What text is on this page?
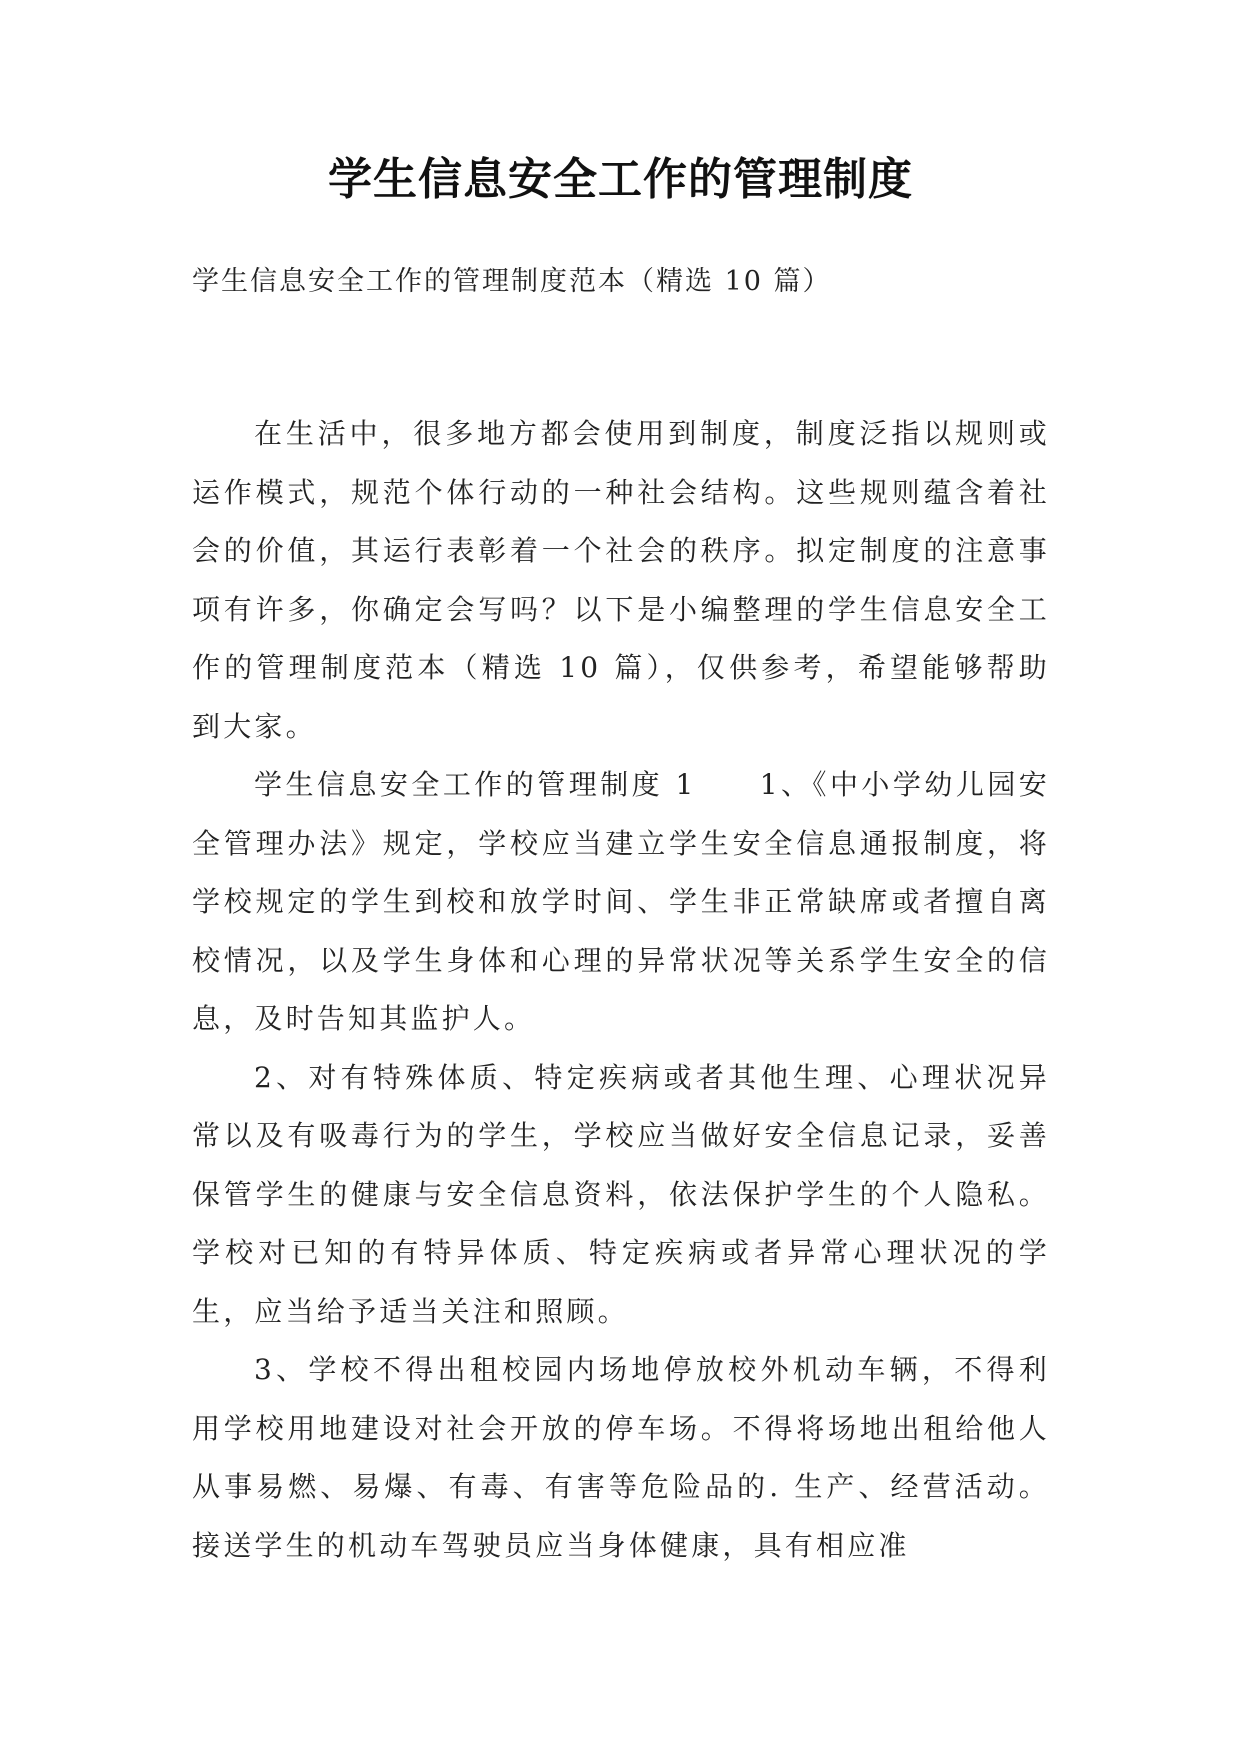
学生信息安全工作的管理制度

学生信息安全工作的管理制度范本（精选 10 篇）

在生活中，很多地方都会使用到制度，制度泛指以规则或运作模式，规范个体行动的一种社会结构。这些规则蕴含着社会的价值，其运行表彰着一个社会的秩序。拟定制度的注意事项有许多，你确定会写吗？以下是小编整理的学生信息安全工作的管理制度范本（精选 10 篇），仅供参考，希望能够帮助到大家。

学生信息安全工作的管理制度 1　　1、《中小学幼儿园安全管理办法》规定，学校应当建立学生安全信息通报制度，将学校规定的学生到校和放学时间、学生非正常缺席或者擅自离校情况，以及学生身体和心理的异常状况等关系学生安全的信息，及时告知其监护人。

2、对有特殊体质、特定疾病或者其他生理、心理状况异常以及有吸毒行为的学生，学校应当做好安全信息记录，妥善保管学生的健康与安全信息资料，依法保护学生的个人隐私。学校对已知的有特异体质、特定疾病或者异常心理状况的学生，应当给予适当关注和照顾。

3、学校不得出租校园内场地停放校外机动车辆，不得利用学校用地建设对社会开放的停车场。不得将场地出租给他人从事易燃、易爆、有毒、有害等危险品的. 生产、经营活动。接送学生的机动车驾驶员应当身体健康，具有相应准
